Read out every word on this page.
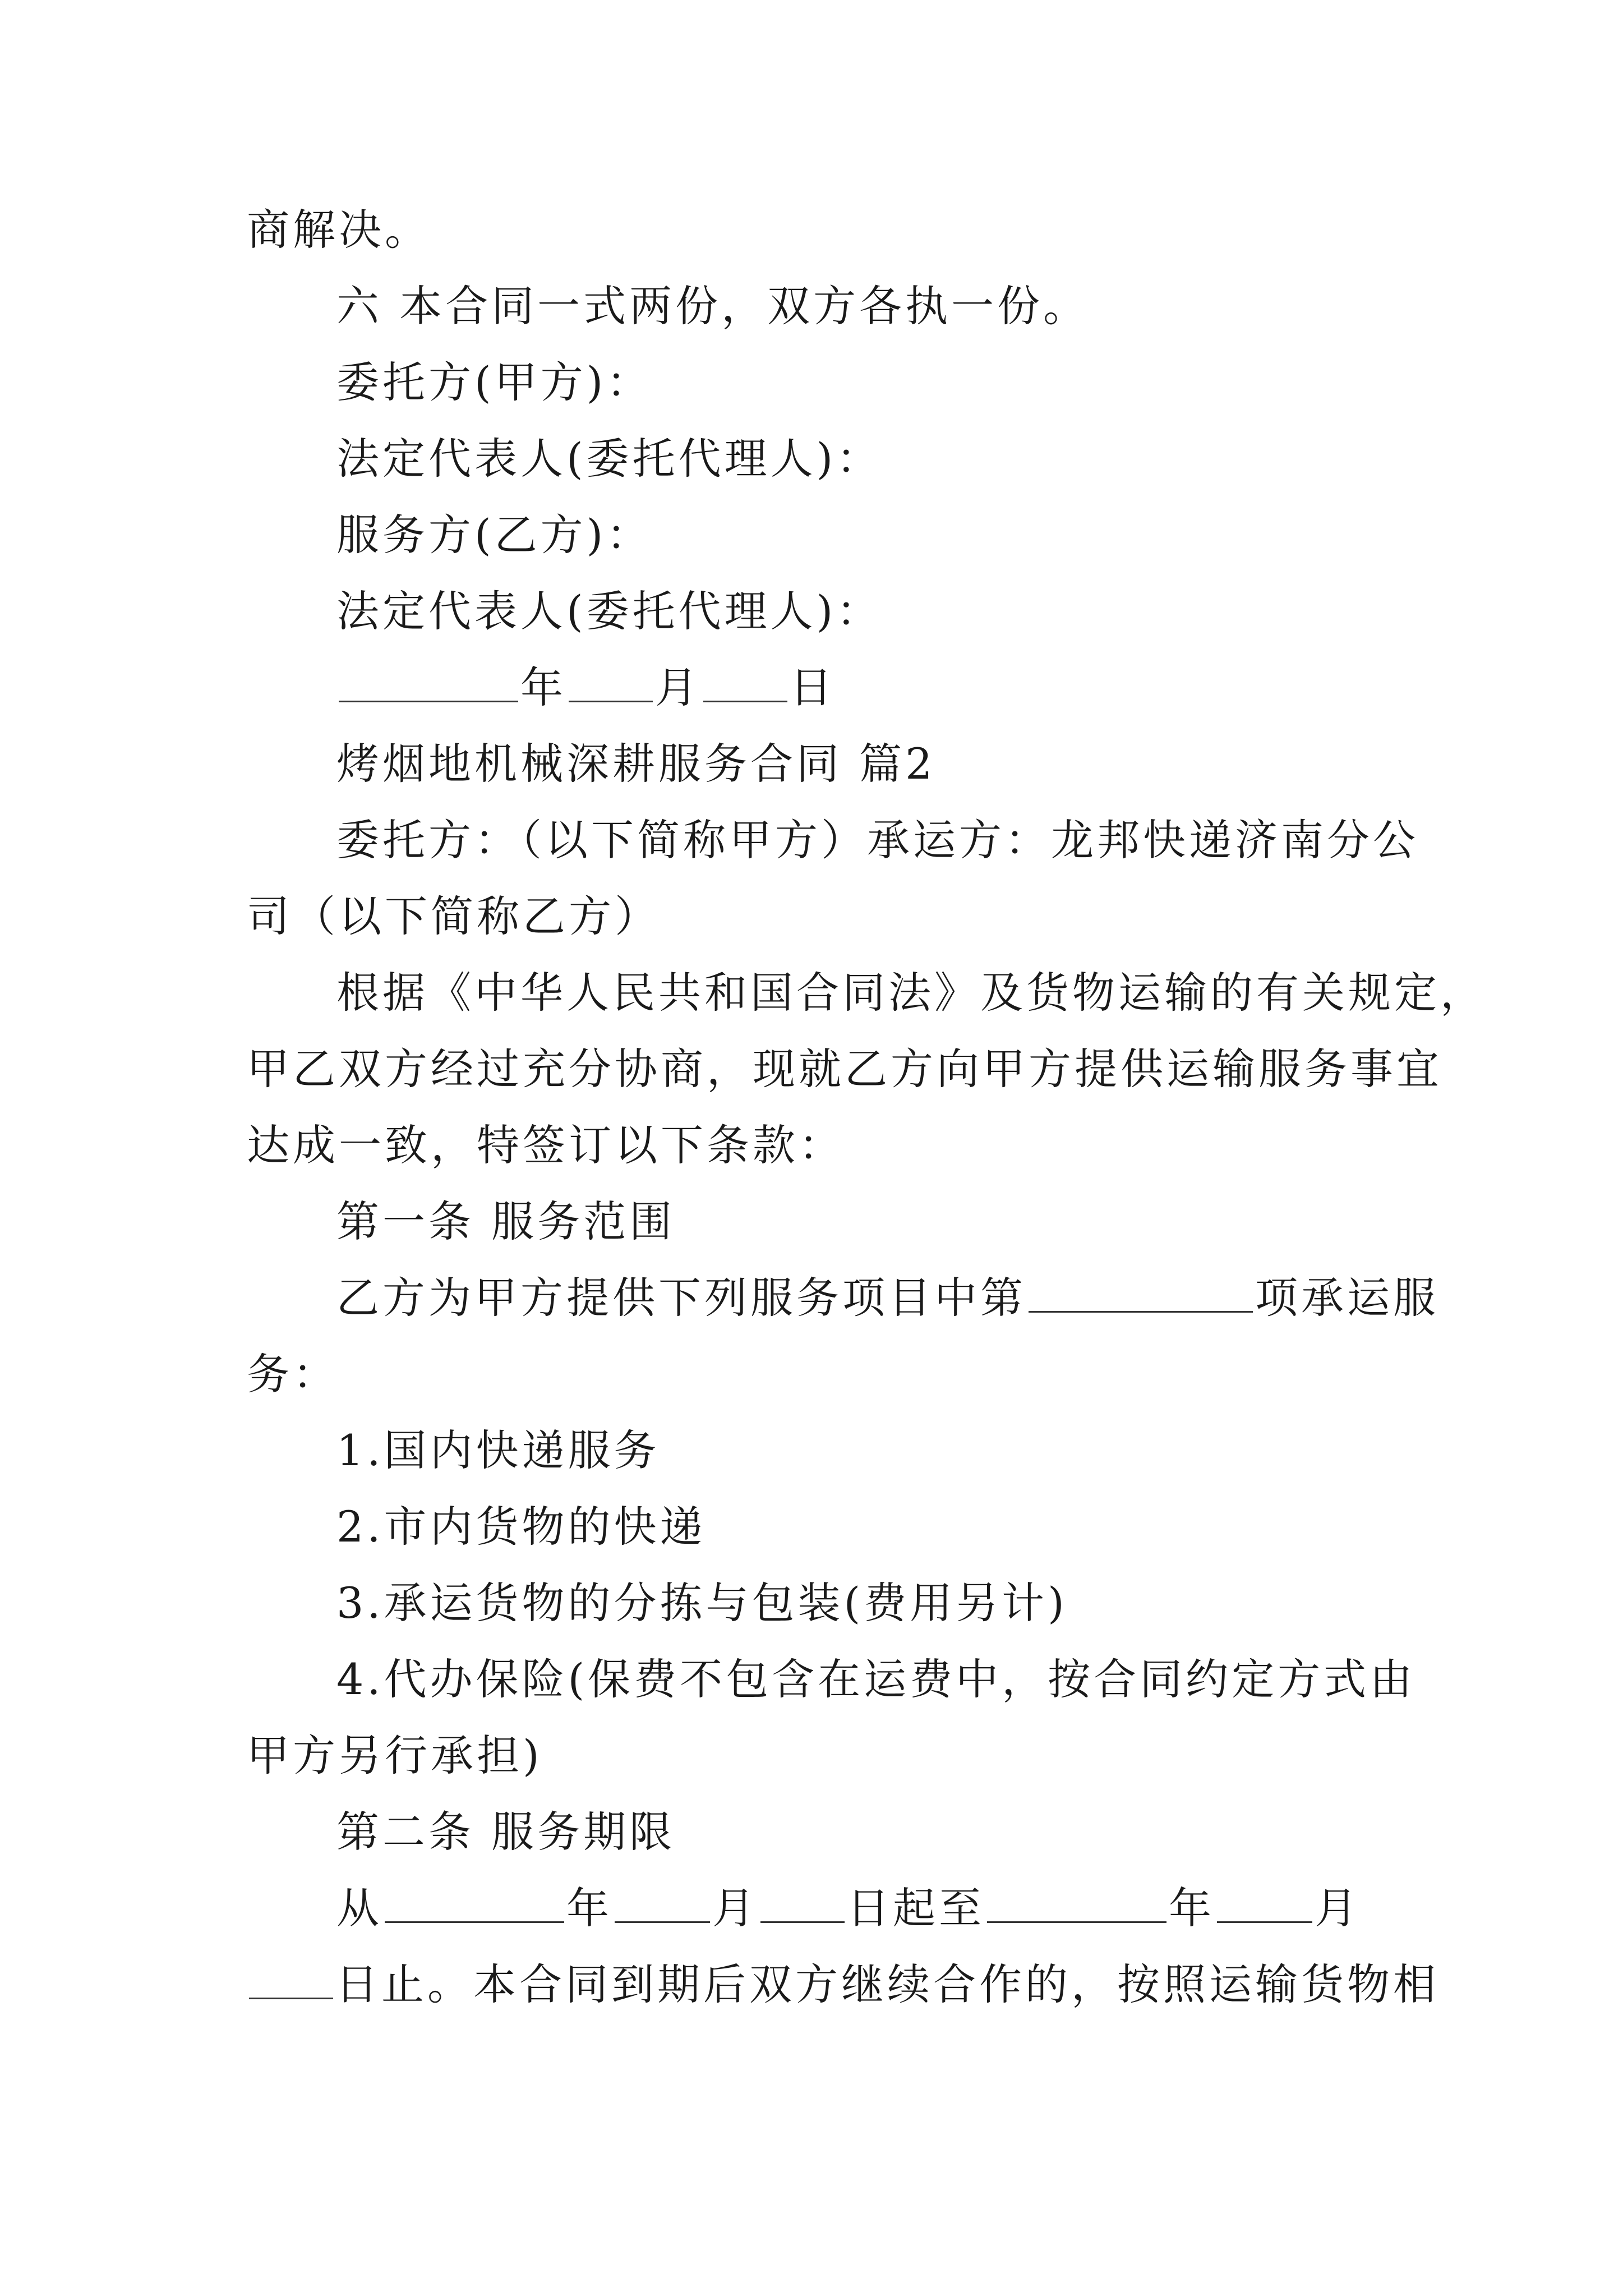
商解决。
六 本合同一式两份，双方各执一份。
委托方(甲方)：
法定代表人(委托代理人)：
服务方(乙方)：
法定代表人(委托代理人)：
年 月 日
烤烟地机械深耕服务合同 篇2
委托方：（以下简称甲方）承运方：龙邦快递济南分公
司（以下简称乙方）
根据《中华人民共和国合同法》及货物运输的有关规定，
甲乙双方经过充分协商，现就乙方向甲方提供运输服务事宜
达成一致，特签订以下条款：
第一条 服务范围
乙方为甲方提供下列服务项目中第	项承运服
务：
1.国内快递服务
2.市内货物的快递
3.承运货物的分拣与包装(费用另计)
4.代办保险(保费不包含在运费中，按合同约定方式由
甲方另行承担)
第二条 服务期限
从	年 月 日起至	年 月
日止。本合同到期后双方继续合作的，按照运输货物相
